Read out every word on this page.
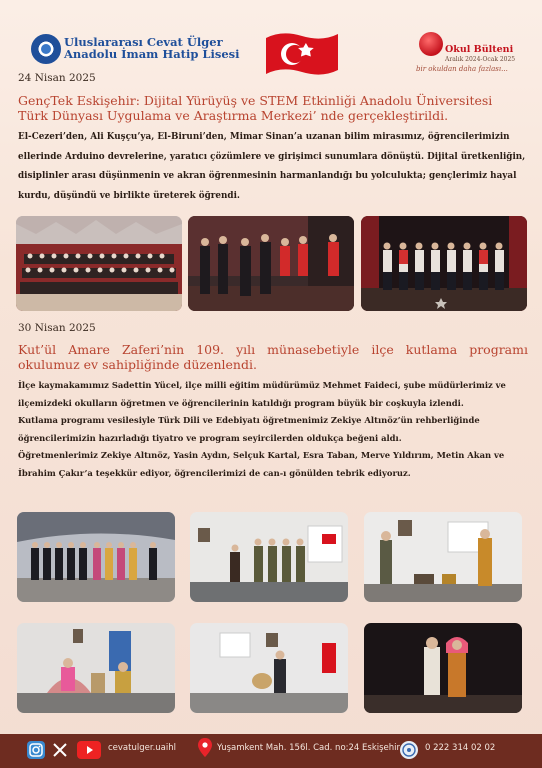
Uluslararası Cevat Ülger
Anadolu İmam Hatip Lisesi	Okul Bülteni
Aralık 2024-Ocak 2025
bir okuldan daha fazlası...
24 Nisan 2025
GençTek Eskişehir: Dijital Yürüyüş ve STEM Etkinliği Anadolu Üniversitesi
Türk Dünyası Uygulama ve Araştırma Merkezi’ nde gerçekleştirildi.
El-Cezeri’den, Ali Kuşçu’ya, El-Biruni’den, Mimar Sinan’a uzanan bilim mirasımız, öğrencilerimizin
ellerinde Arduino devrelerine, yaratıcı çözümlere ve girişimci sunumlara dönüştü. Dijital üretkenliğin,
disiplinler arası düşünmenin ve akran öğrenmesinin harmanlandığı bu yolculukta; gençlerimiz hayal
kurdu, düşündü ve birlikte üreterek öğrendi.
30 Nisan 2025
Kut’ül Amare Zaferi’nin 109. yılı münasebetiyle ilçe kutlama programı
okulumuz ev sahipliğinde düzenlendi.
İlçe kaymakamımız Sadettin Yücel, ilçe milli eğitim müdürümüz Mehmet Faideci, şube müdürlerimiz ve
ilçemizdeki okulların öğretmen ve öğrencilerinin katıldığı program büyük bir coşkuyla izlendi.
Kutlama programı vesilesiyle Türk Dili ve Edebiyatı öğretmenimiz Zekiye Altınöz’ün rehberliğinde
öğrencilerimizin hazırladığı tiyatro ve program seyircilerden oldukça beğeni aldı.
Öğretmenlerimiz Zekiye Altınöz, Yasin Aydın, Selçuk Kartal, Esra Taban, Merve Yıldırım, Metin Akan ve
İbrahim Çakır’a teşekkür ediyor, öğrencilerimizi de can-ı gönülden tebrik ediyoruz.
cevatulger.uaihl	Yuşamkent Mah. 156l. Cad. no:24 Eskişehir	0 222 314 02 02
